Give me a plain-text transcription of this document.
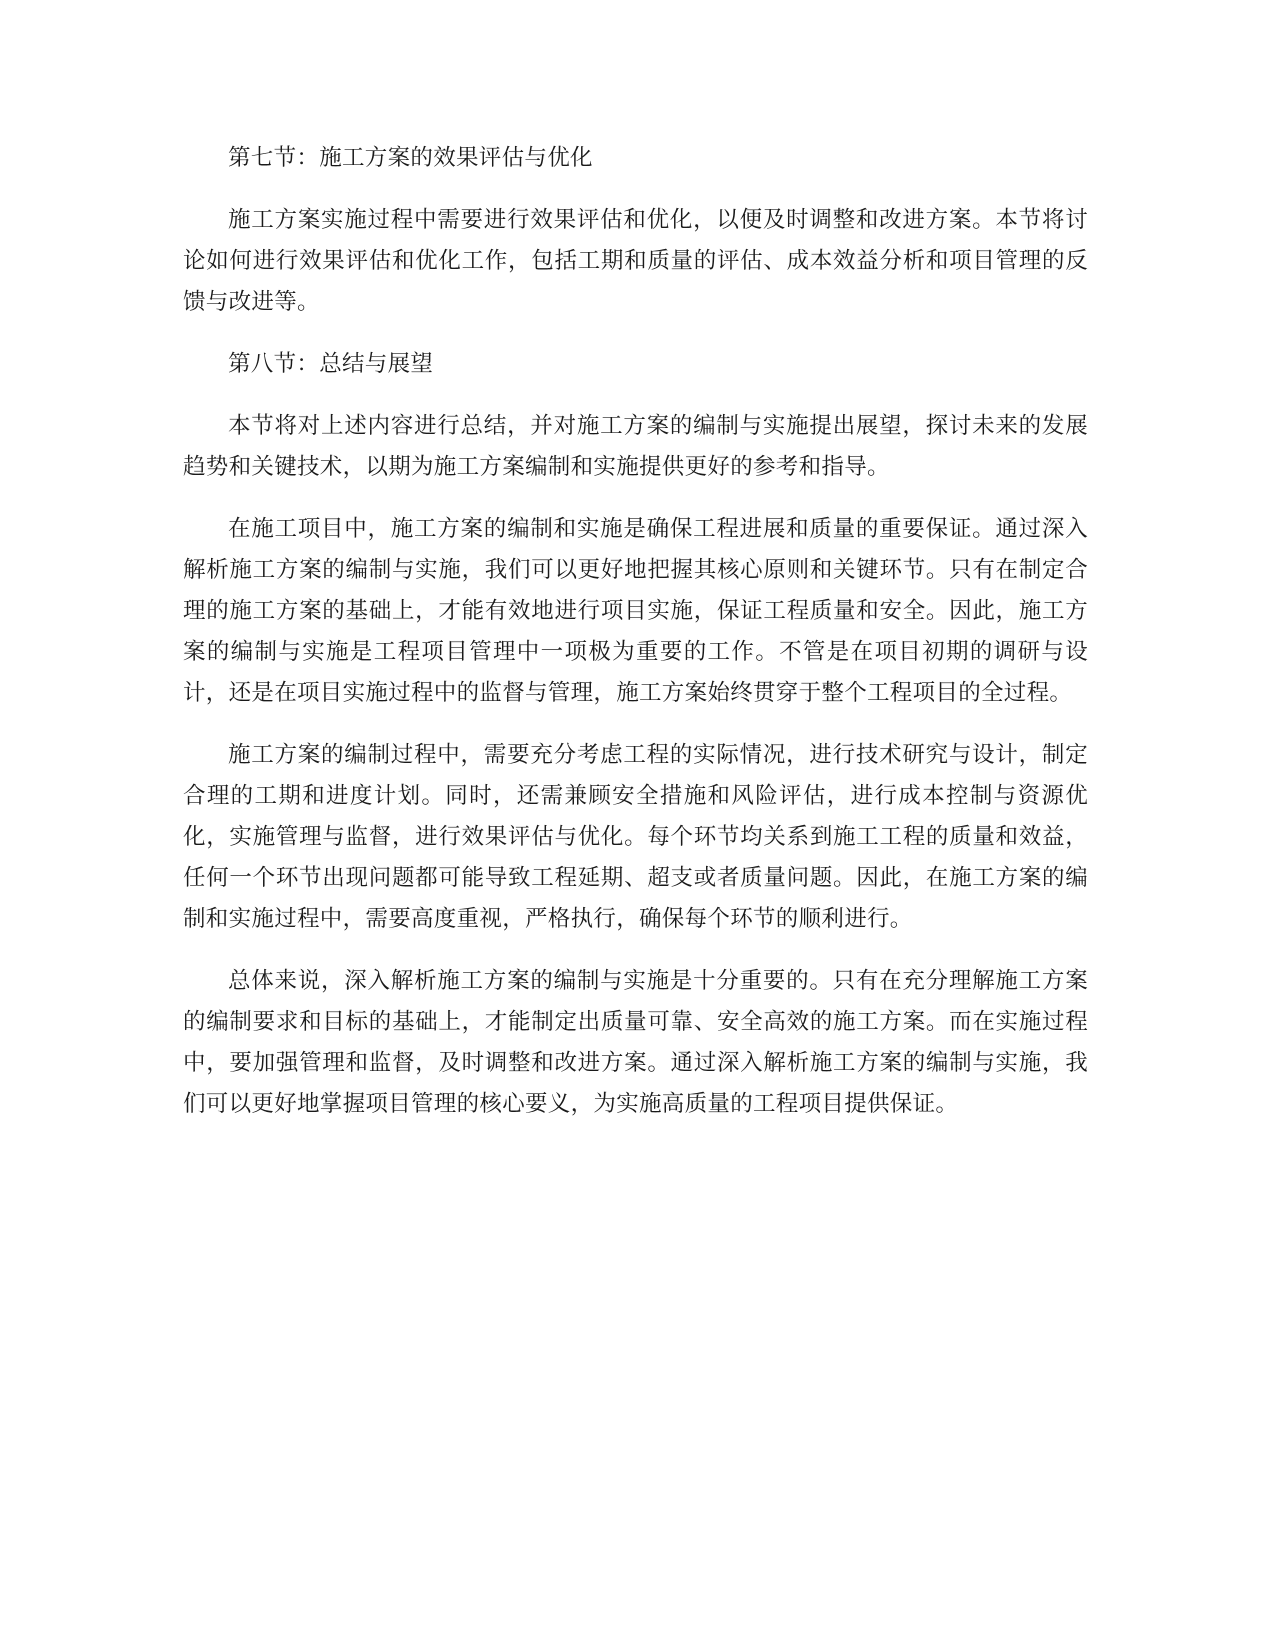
第七节：施工方案的效果评估与优化

施工方案实施过程中需要进行效果评估和优化，以便及时调整和改进方案。本节将讨论如何进行效果评估和优化工作，包括工期和质量的评估、成本效益分析和项目管理的反馈与改进等。

第八节：总结与展望

本节将对上述内容进行总结，并对施工方案的编制与实施提出展望，探讨未来的发展趋势和关键技术，以期为施工方案编制和实施提供更好的参考和指导。

在施工项目中，施工方案的编制和实施是确保工程进展和质量的重要保证。通过深入解析施工方案的编制与实施，我们可以更好地把握其核心原则和关键环节。只有在制定合理的施工方案的基础上，才能有效地进行项目实施，保证工程质量和安全。因此，施工方案的编制与实施是工程项目管理中一项极为重要的工作。不管是在项目初期的调研与设计，还是在项目实施过程中的监督与管理，施工方案始终贯穿于整个工程项目的全过程。

施工方案的编制过程中，需要充分考虑工程的实际情况，进行技术研究与设计，制定合理的工期和进度计划。同时，还需兼顾安全措施和风险评估，进行成本控制与资源优化，实施管理与监督，进行效果评估与优化。每个环节均关系到施工工程的质量和效益，任何一个环节出现问题都可能导致工程延期、超支或者质量问题。因此，在施工方案的编制和实施过程中，需要高度重视，严格执行，确保每个环节的顺利进行。

总体来说，深入解析施工方案的编制与实施是十分重要的。只有在充分理解施工方案的编制要求和目标的基础上，才能制定出质量可靠、安全高效的施工方案。而在实施过程中，要加强管理和监督，及时调整和改进方案。通过深入解析施工方案的编制与实施，我们可以更好地掌握项目管理的核心要义，为实施高质量的工程项目提供保证。
